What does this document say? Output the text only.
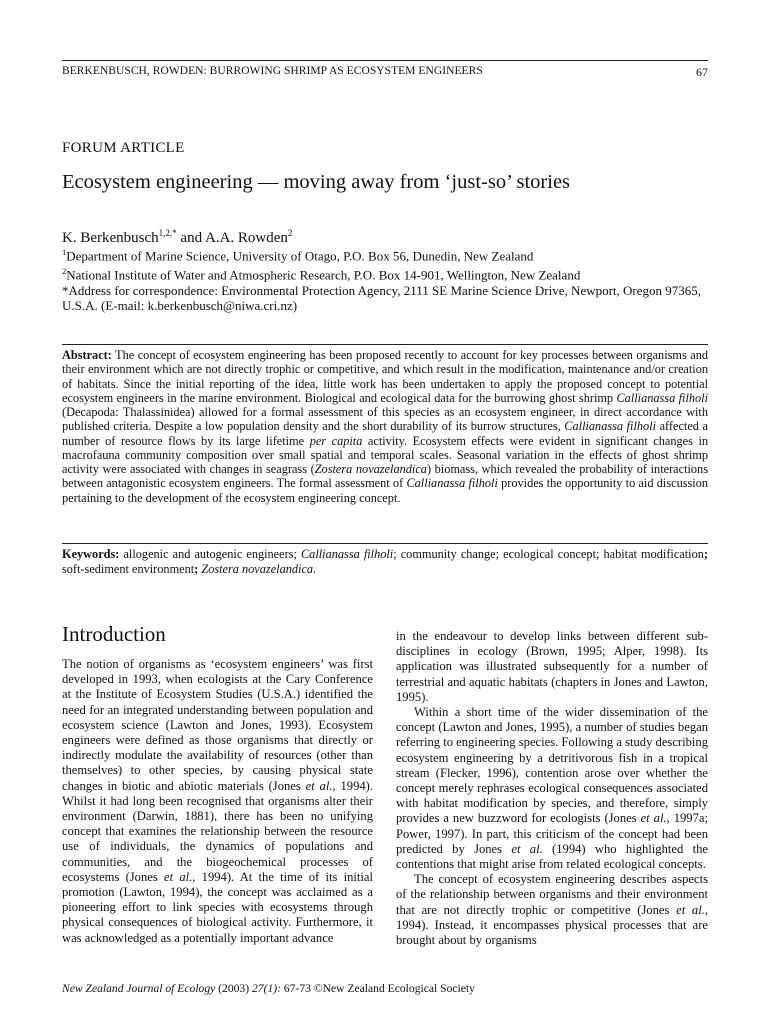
BERKENBUSCH, ROWDEN: BURROWING SHRIMP AS ECOSYSTEM ENGINEERS	67
FORUM ARTICLE
Ecosystem engineering — moving away from ‘just-so’ stories
K. Berkenbusch$^{1,2,*}$ and A.A. Rowden$^2$
$^1$Department of Marine Science, University of Otago, P.O. Box 56, Dunedin, New Zealand
$^2$National Institute of Water and Atmospheric Research, P.O. Box 14-901, Wellington, New Zealand
*Address for correspondence: Environmental Protection Agency, 2111 SE Marine Science Drive, Newport, Oregon 97365, U.S.A. (E-mail: k.berkenbusch@niwa.cri.nz)
Abstract: The concept of ecosystem engineering has been proposed recently to account for key processes between organisms and their environment which are not directly trophic or competitive, and which result in the modification, maintenance and/or creation of habitats. Since the initial reporting of the idea, little work has been undertaken to apply the proposed concept to potential ecosystem engineers in the marine environment. Biological and ecological data for the burrowing ghost shrimp Callianassa filholi (Decapoda: Thalassinidea) allowed for a formal assessment of this species as an ecosystem engineer, in direct accordance with published criteria. Despite a low population density and the short durability of its burrow structures, Callianassa filholi affected a number of resource flows by its large lifetime per capita activity. Ecosystem effects were evident in significant changes in macrofauna community composition over small spatial and temporal scales. Seasonal variation in the effects of ghost shrimp activity were associated with changes in seagrass (Zostera novazelandica) biomass, which revealed the probability of interactions between antagonistic ecosystem engineers. The formal assessment of Callianassa filholi provides the opportunity to aid discussion pertaining to the development of the ecosystem engineering concept.
Keywords: allogenic and autogenic engineers; Callianassa filholi; community change; ecological concept; habitat modification; soft-sediment environment; Zostera novazelandica.
Introduction

The notion of organisms as ‘ecosystem engineers’ was first developed in 1993, when ecologists at the Cary Conference at the Institute of Ecosystem Studies (U.S.A.) identified the need for an integrated understanding between population and ecosystem science (Lawton and Jones, 1993). Ecosystem engineers were defined as those organisms that directly or indirectly modulate the availability of resources (other than themselves) to other species, by causing physical state changes in biotic and abiotic materials (Jones et al., 1994). Whilst it had long been recognised that organisms alter their environment (Darwin, 1881), there has been no unifying concept that examines the relationship between the resource use of individuals, the dynamics of populations and communities, and the biogeochemical processes of ecosystems (Jones et al., 1994). At the time of its initial promotion (Lawton, 1994), the concept was acclaimed as a pioneering effort to link species with ecosystems through physical consequences of biological activity. Furthermore, it was acknowledged as a potentially important advance

in the endeavour to develop links between different sub-disciplines in ecology (Brown, 1995; Alper, 1998). Its application was illustrated subsequently for a number of terrestrial and aquatic habitats (chapters in Jones and Lawton, 1995).

Within a short time of the wider dissemination of the concept (Lawton and Jones, 1995), a number of studies began referring to engineering species. Following a study describing ecosystem engineering by a detritivorous fish in a tropical stream (Flecker, 1996), contention arose over whether the concept merely rephrases ecological consequences associated with habitat modification by species, and therefore, simply provides a new buzzword for ecologists (Jones et al., 1997a; Power, 1997). In part, this criticism of the concept had been predicted by Jones et al. (1994) who highlighted the contentions that might arise from related ecological concepts.

The concept of ecosystem engineering describes aspects of the relationship between organisms and their environment that are not directly trophic or competitive (Jones et al., 1994). Instead, it encompasses physical processes that are brought about by organisms

New Zealand Journal of Ecology (2003) 27(1): 67-73 ©New Zealand Ecological Society
